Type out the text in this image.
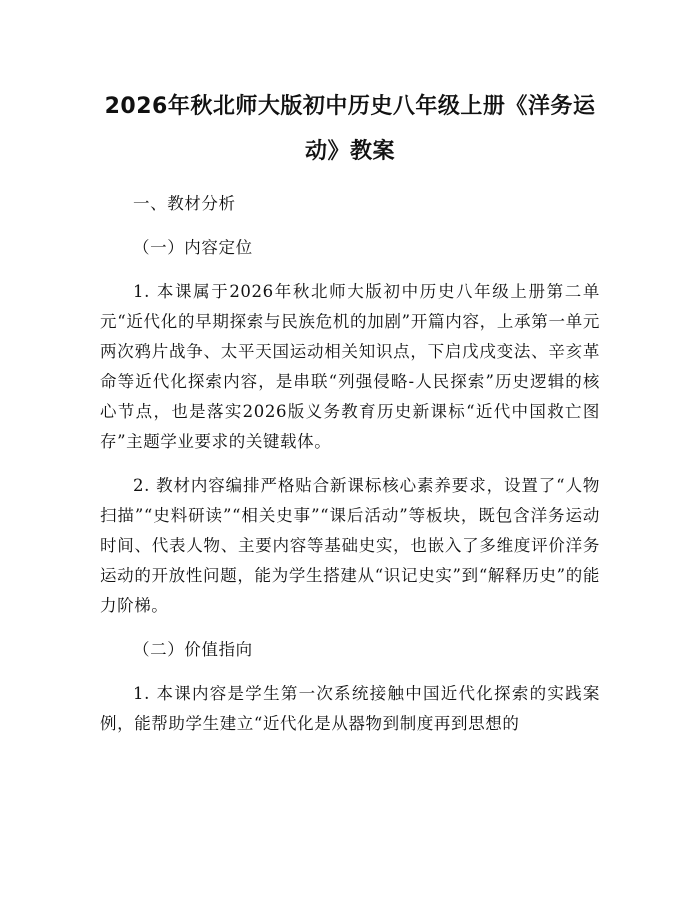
2026年秋北师大版初中历史八年级上册《洋务运动》教案

一、教材分析

（一）内容定位

1. 本课属于2026年秋北师大版初中历史八年级上册第二单元“近代化的早期探索与民族危机的加剧”开篇内容，上承第一单元两次鸦片战争、太平天国运动相关知识点，下启戊戌变法、辛亥革命等近代化探索内容，是串联“列强侵略-人民探索”历史逻辑的核心节点，也是落实2026版义务教育历史新课标“近代中国救亡图存”主题学业要求的关键载体。

2. 教材内容编排严格贴合新课标核心素养要求，设置了“人物扫描”“史料研读”“相关史事”“课后活动”等板块，既包含洋务运动时间、代表人物、主要内容等基础史实，也嵌入了多维度评价洋务运动的开放性问题，能为学生搭建从“识记史实”到“解释历史”的能力阶梯。

（二）价值指向

1. 本课内容是学生第一次系统接触中国近代化探索的实践案例，能帮助学生建立“近代化是从器物到制度再到思想的
